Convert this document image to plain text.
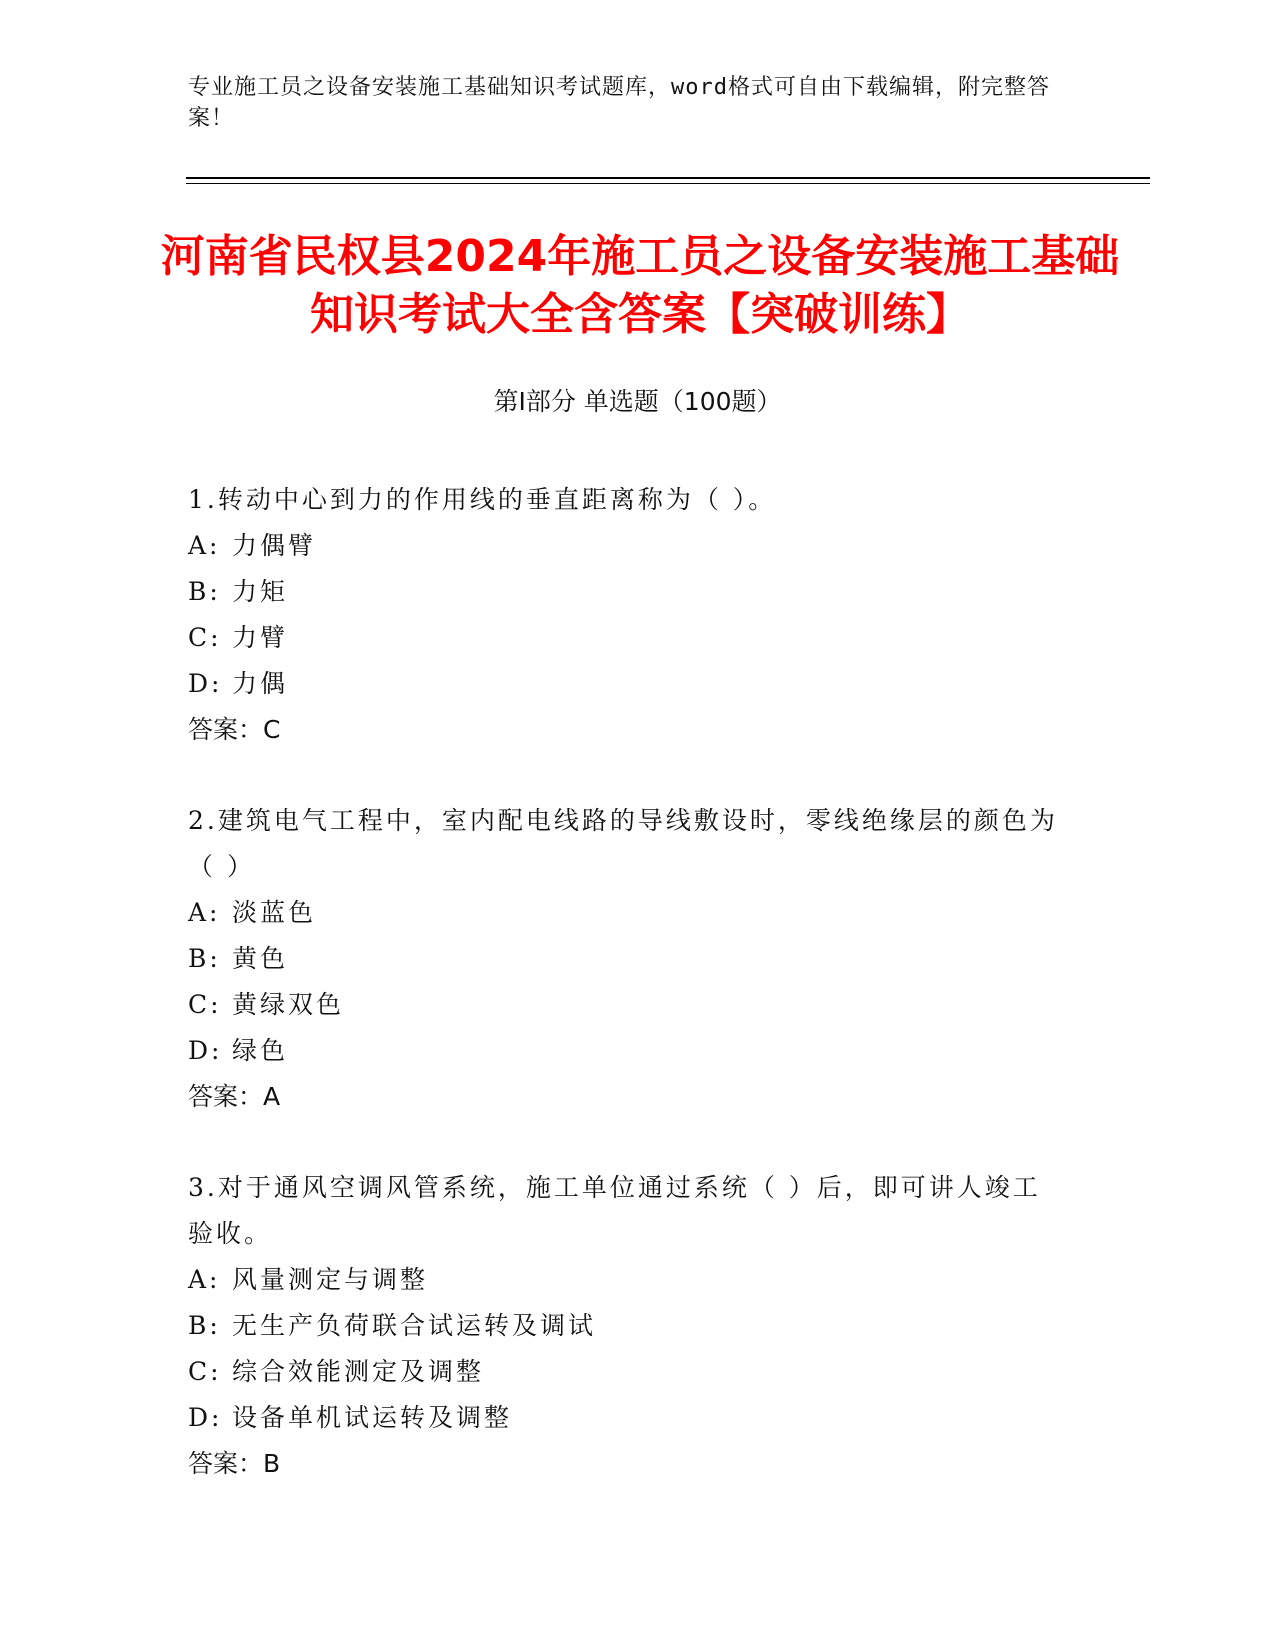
专业施工员之设备安装施工基础知识考试题库，word格式可自由下载编辑，附完整答案！
河南省民权县2024年施工员之设备安装施工基础知识考试大全含答案【突破训练】
第Ⅰ部分 单选题（100题）
1.转动中心到力的作用线的垂直距离称为（ ）。
A: 力偶臂
B: 力矩
C: 力臂
D: 力偶
答案：C
2.建筑电气工程中，室内配电线路的导线敷设时，零线绝缘层的颜色为（ ）
A: 淡蓝色
B: 黄色
C: 黄绿双色
D: 绿色
答案：A
3.对于通风空调风管系统，施工单位通过系统（ ）后，即可讲人竣工验收。
A: 风量测定与调整
B: 无生产负荷联合试运转及调试
C: 综合效能测定及调整
D: 设备单机试运转及调整
答案：B
